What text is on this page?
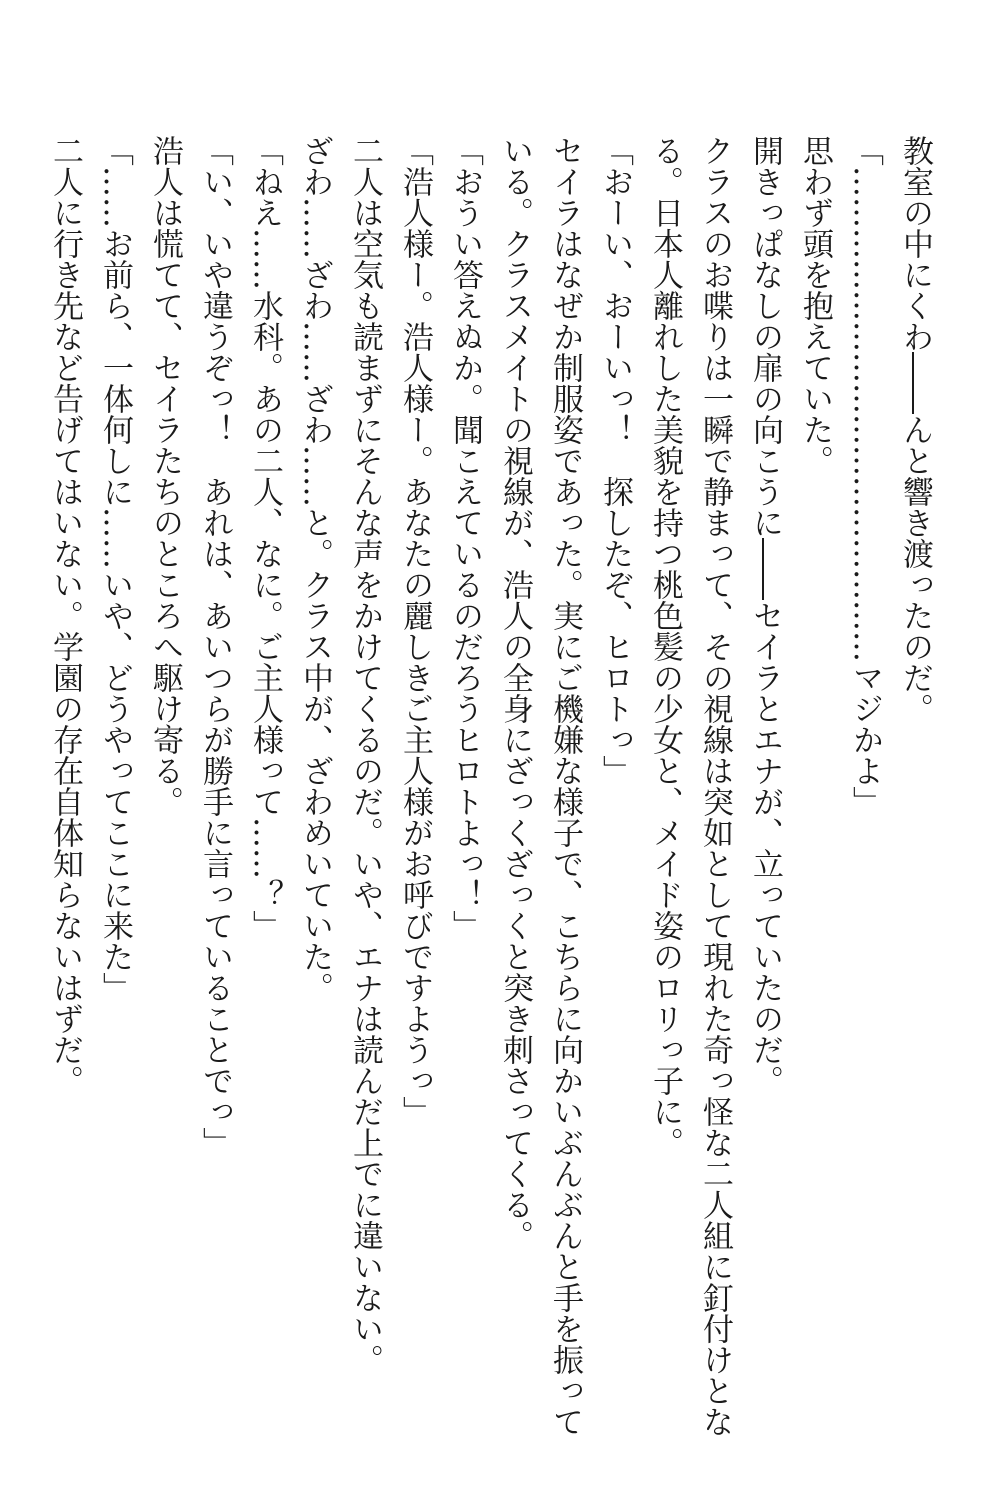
教室の中にくわ――んと響き渡ったのだ。
「…………………………………………マジかよ」
思わず頭を抱えていた。
開きっぱなしの扉の向こうに――セイラとエナが、立っていたのだ。
クラスのお喋りは一瞬で静まって、その視線は突如として現れた奇っ怪な二人組に釘付けとなる。日本人離れした美貌を持つ桃色髪の少女と、メイド姿のロリっ子に。
「おーい、おーいっ！　探したぞ、ヒロトっ」
セイラはなぜか制服姿であった。実にご機嫌な様子で、こちらに向かいぶんぶんと手を振っている。クラスメイトの視線が、浩人の全身にざっくざっくと突き刺さってくる。
「おうい答えぬか。聞こえているのだろうヒロトよっ！」
「浩人様ー。浩人様ー。あなたの麗しきご主人様がお呼びですようっ」
二人は空気も読まずにそんな声をかけてくるのだ。いや、エナは読んだ上でに違いない。
ざわ……ざわ……ざわ……と。クラス中が、ざわめいていた。
「ねえ……水科。あの二人、なに。ご主人様って……？」
「い、いや違うぞっ！　あれは、あいつらが勝手に言っていることでっ」
浩人は慌てて、セイラたちのところへ駆け寄る。
「……お前ら、一体何しに……いや、どうやってここに来た」
二人に行き先など告げてはいない。学園の存在自体知らないはずだ。
